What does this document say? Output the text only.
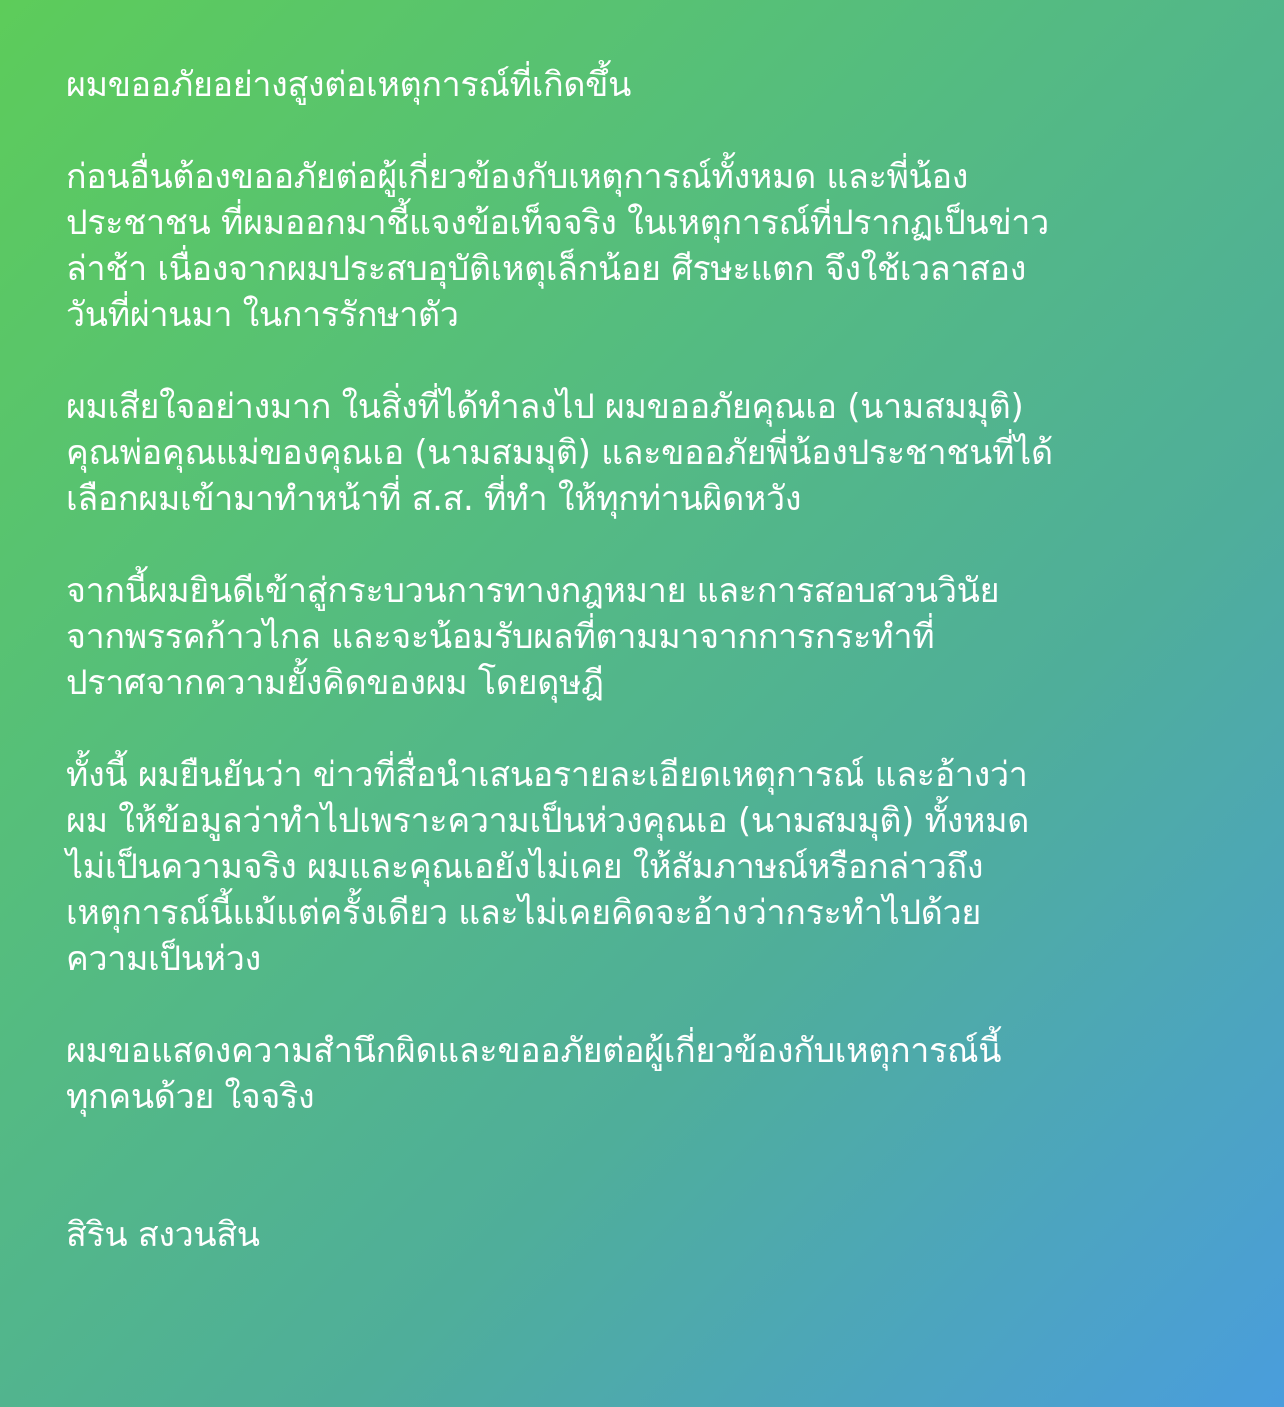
ผมขออภัยอย่างสูงต่อเหตุการณ์ที่เกิดขึ้น
ก่อนอื่นต้องขออภัยต่อผู้เกี่ยวข้องกับเหตุการณ์ทั้งหมด และพี่น้อง
ประชาชน ที่ผมออกมาชี้แจงข้อเท็จจริง ในเหตุการณ์ที่ปรากฏเป็นข่าว
ล่าช้า เนื่องจากผมประสบอุบัติเหตุเล็กน้อย ศีรษะแตก จึงใช้เวลาสอง
วันที่ผ่านมา ในการรักษาตัว
ผมเสียใจอย่างมาก ในสิ่งที่ได้ทำลงไป ผมขออภัยคุณเอ (นามสมมุติ)
คุณพ่อคุณแม่ของคุณเอ (นามสมมุติ) และขออภัยพี่น้องประชาชนที่ได้
เลือกผมเข้ามาทำหน้าที่ ส.ส. ที่ทำ ให้ทุกท่านผิดหวัง
จากนี้ผมยินดีเข้าสู่กระบวนการทางกฎหมาย และการสอบสวนวินัย
จากพรรคก้าวไกล และจะน้อมรับผลที่ตามมาจากการกระทำที่
ปราศจากความยั้งคิดของผม โดยดุษฎี
ทั้งนี้ ผมยืนยันว่า ข่าวที่สื่อนำเสนอรายละเอียดเหตุการณ์ และอ้างว่า
ผม ให้ข้อมูลว่าทำไปเพราะความเป็นห่วงคุณเอ (นามสมมุติ) ทั้งหมด
ไม่เป็นความจริง ผมและคุณเอยังไม่เคย ให้สัมภาษณ์หรือกล่าวถึง
เหตุการณ์นี้แม้แต่ครั้งเดียว และไม่เคยคิดจะอ้างว่ากระทำไปด้วย
ความเป็นห่วง
ผมขอแสดงความสำนึกผิดและขออภัยต่อผู้เกี่ยวข้องกับเหตุการณ์นี้
ทุกคนด้วย ใจจริง
สิริน สงวนสิน
